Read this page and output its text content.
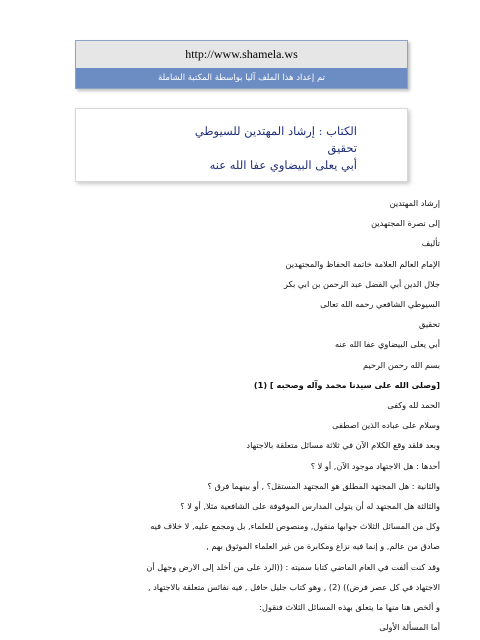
http://www.shamela.ws
تم إعداد هذا الملف آليا بواسطة المكتبة الشاملة
الكتاب : إرشاد المهتدين للسيوطي
تحقيق
أبي يعلى البيضاوي عفا الله عنه
إرشاد المهتدين
إلى نصرة المجتهدين
تأليف
الإمام العالم العلامة خاتمة الحفاظ والمجتهدين
جلال الدين أبي الفضل عبد الرحمن بن ابي بكر
السيوطي الشافعي رحمه الله تعالى
تحقيق
أبي يعلى البيضاوي عفا الله عنه
بسم الله رحمن الرحيم
[وصلى الله على سيدنا محمد وآله وصحبه ] (1)
الحمد لله وكفى
وسلام على عباده الذين اصطفى
وبعد فلقد وقع الكلام الآن في ثلاثة مسائل متعلقة بالاجتهاد
أحدها : هل الاجتهاد موجود الآن, أو لا ؟
والثانية : هل المجتهد المطلق هو المجتهد المستقل؟ , أو بينهما فرق ؟
والثالثة هل المجتهد له أن يتولى المدارس الموقوفة على الشافعية مثلا, أو لا ؟
وكل من المسائل الثلاث جوابها منقول, ومنصوص للعلماء, بل ومجمع عليه, لا خلاف فيه
صادق من عالم, و إنما فيه نزاع ومكابرة من غير العلماء الموثوق بهم ,
وقد كنت ألفت في العام الماضي كتابا سميته : ((الرد على من أخلد إلى الارض وجهل أن
الاجتهاد في كل عصر فرض)) (2) , وهو كتاب جليل حافل , فيه نفائس متعلقة بالاجتهاد ,
و ألخص هنا منها ما يتعلق بهذه المسائل الثلاث فنقول:
أما المسألة الأولى
